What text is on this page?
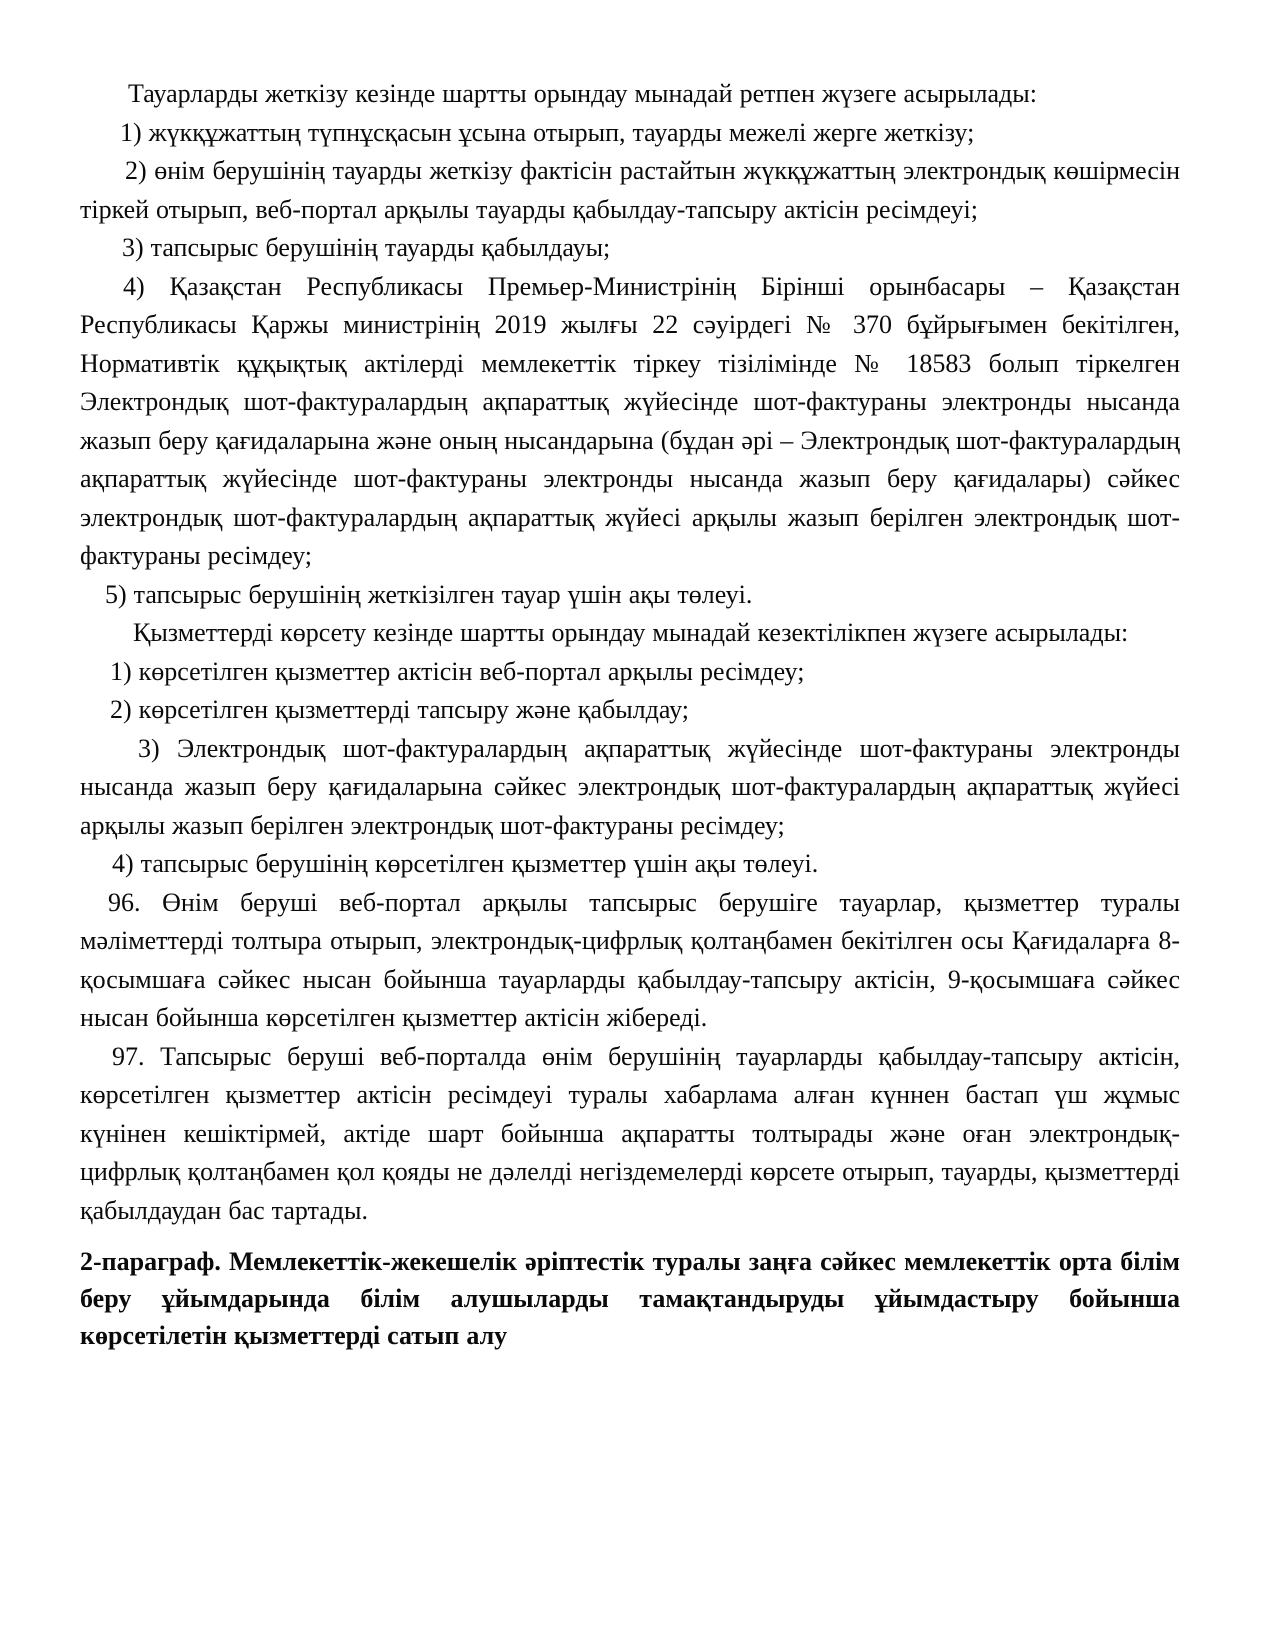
Тауарларды жеткізу кезінде шартты орындау мынадай ретпен жүзеге асырылады:

1) жүкқұжаттың түпнұсқасын ұсына отырып, тауарды межелі жерге жеткізу;

2) өнім берушінің тауарды жеткізу фактісін растайтын жүкқұжаттың электрондық көшірмесін тіркей отырып, веб-портал арқылы тауарды қабылдау-тапсыру актісін ресімдеуі;

3) тапсырыс берушінің тауарды қабылдауы;

4) Қазақстан Республикасы Премьер-Министрінің Бірінші орынбасары – Қазақстан Республикасы Қаржы министрінің 2019 жылғы 22 сәуірдегі № 370 бұйрығымен бекітілген, Нормативтік құқықтық актілерді мемлекеттік тіркеу тізілімінде № 18583 болып тіркелген Электрондық шот-фактуралардың ақпараттық жүйесінде шот-фактураны электронды нысанда жазып беру қағидаларына және оның нысандарына (бұдан әрі – Электрондық шот-фактуралардың ақпараттық жүйесінде шот-фактураны электронды нысанда жазып беру қағидалары) сәйкес электрондық шот-фактуралардың ақпараттық жүйесі арқылы жазып берілген электрондық шот-фактураны ресімдеу;

5) тапсырыс берушінің жеткізілген тауар үшін ақы төлеуі.

Қызметтерді көрсету кезінде шартты орындау мынадай кезектілікпен жүзеге асырылады:

1) көрсетілген қызметтер актісін веб-портал арқылы ресімдеу;

2) көрсетілген қызметтерді тапсыру және қабылдау;

3) Электрондық шот-фактуралардың ақпараттық жүйесінде шот-фактураны электронды нысанда жазып беру қағидаларына сәйкес электрондық шот-фактуралардың ақпараттық жүйесі арқылы жазып берілген электрондық шот-фактураны ресімдеу;

4) тапсырыс берушінің көрсетілген қызметтер үшін ақы төлеуі.

96. Өнім беруші веб-портал арқылы тапсырыс берушіге тауарлар, қызметтер туралы мәліметтерді толтыра отырып, электрондық-цифрлық қолтаңбамен бекітілген осы Қағидаларға 8-қосымшаға сәйкес нысан бойынша тауарларды қабылдау-тапсыру актісін, 9-қосымшаға сәйкес нысан бойынша көрсетілген қызметтер актісін жібереді.

97. Тапсырыс беруші веб-порталда өнім берушінің тауарларды қабылдау-тапсыру актісін, көрсетілген қызметтер актісін ресімдеуі туралы хабарлама алған күннен бастап үш жұмыс күнінен кешіктірмей, актіде шарт бойынша ақпаратты толтырады және оған электрондық-цифрлық қолтаңбамен қол қояды не дәлелді негіздемелерді көрсете отырып, тауарды, қызметтерді қабылдаудан бас тартады.

2-параграф. Мемлекеттік-жекешелік әріптестік туралы заңға сәйкес мемлекеттік орта білім беру ұйымдарында білім алушыларды тамақтандыруды ұйымдастыру бойынша көрсетілетін қызметтерді сатып алу
